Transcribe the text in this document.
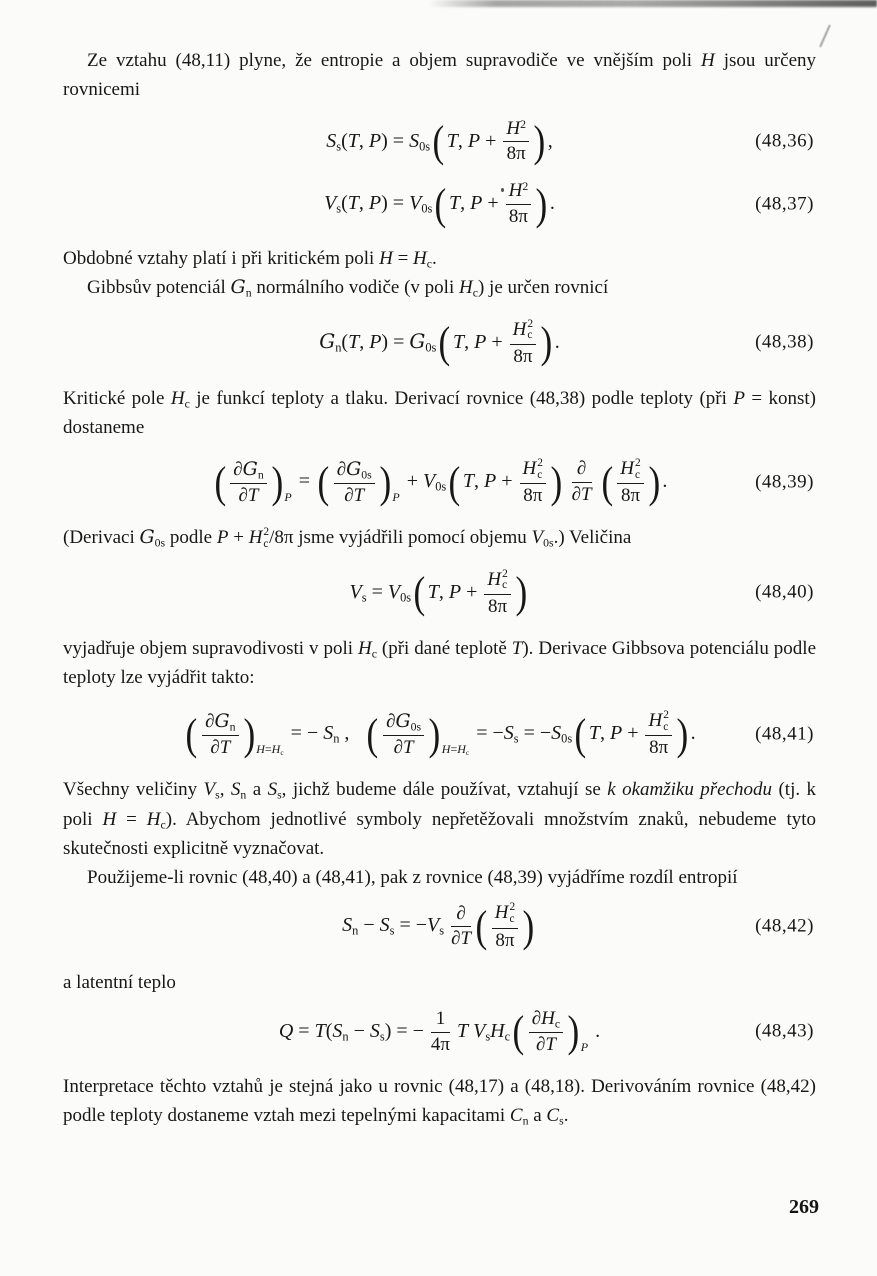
Ze vztahu (48,11) plyne, že entropie a objem supravodiče ve vnějším poli H jsou určeny rovnicemi

$S_s(T$, $P) = S_{0s}$( T, $P + \frac{H^2}{8\pi}$ ) ,	(48,36)
$V_s(T$, $P) = V_{0s}$( T, $P + \frac{H^2}{8\pi}$ ) .	(48,37)

Obdobné vztahy platí i při kritickém poli $H = H_c$.

Gibbsův potenciál $G_n$ normálního vodiče (v poli $H_c$) je určen rovnicí

$G_n(T$, $P) = G_{0s}$( T, P + H 2
c
8π ) .	(48,38)

Kritické pole $H_c$ je funkcí teploty a tlaku. Derivací rovnice (48,38) podle teploty (při P = konst) dostaneme

( $\frac{\partial G_n}{\partial T} )P$ = ( $\frac{\partial G_{0s}}{\partial T} )P + V_{0s}$( T, P + H 2
c
8π ) $\frac{\partial}{\partial T}$ ( H 2
c
8π ) .	(48,39)

(Derivaci $G_{0s}$ podle P + H 2
c /8π jsme vyjádřili pomocí objemu $V_{0s}$.) Veličina

$V_s = V_{0s}$( T, P + H 2
c
8π )	(48,40)

vyjadřuje objem supravodivosti v poli $H_c$ (při dané teplotě T). Derivace Gibbsova potenciálu podle teploty lze vyjádřit takto:

( $\frac{\partial G_n}{\partial T} )H=H_c$ = − $S_n$ ,   ( $\frac{\partial G_{0s}}{\partial T} )H=H_c = -S_s = -S_{0s}$( T, P + H 2
c
8π ) .	(48,41)

Všechny veličiny $V_s$, $S_n$ a $S_s$, jichž budeme dále používat, vztahují se k okamžiku přechodu (tj. k poli $H = H_c$). Abychom jednotlivé symboly nepřetěžovali množstvím znaků, nebudeme tyto skutečnosti explicitně vyznačovat.

Použijeme-li rovnic (48,40) a (48,41), pak z rovnice (48,39) vyjádříme rozdíl entropií

$S_n - S_s = -V_s \frac{\partial}{\partial T}$ ( H 2
c
8π )	(48,42)

a latentní teplo

$Q = T(S_n - S_s)$ = − $\frac{1}{4\pi}$ T $V_sH_c( \frac{\partial H_c}{\partial T} )P$ .	(48,43)

Interpretace těchto vztahů je stejná jako u rovnic (48,17) a (48,18). Derivováním rovnice (48,42) podle teploty dostaneme vztah mezi tepelnými kapacitami $C_n$ a $C_s$.

269
